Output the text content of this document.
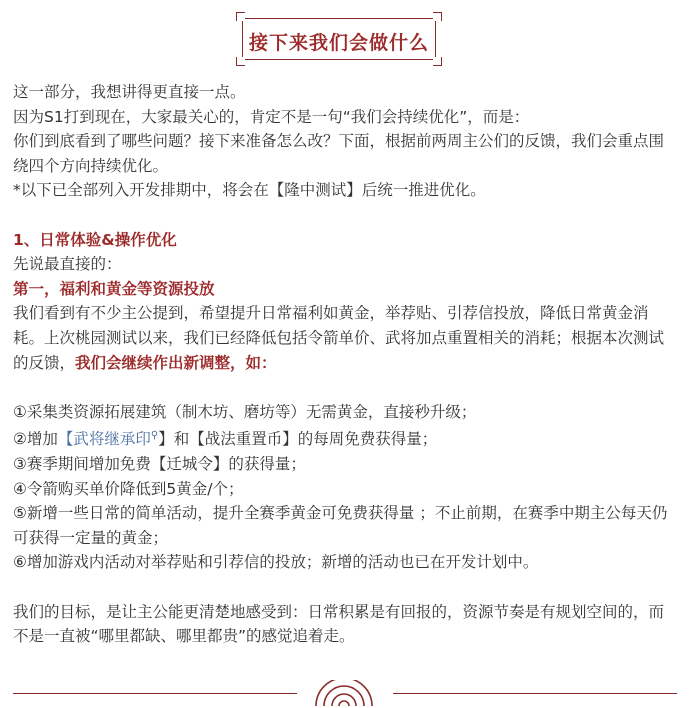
接下来我们会做什么

这一部分，我想讲得更直接一点。

因为S1打到现在，大家最关心的，肯定不是一句“我们会持续优化”，而是：

你们到底看到了哪些问题？接下来准备怎么改？下面，根据前两周主公们的反馈，我们会重点围绕四个方向持续优化。

*以下已全部列入开发排期中，将会在【隆中测试】后统一推进优化。

1、日常体验&操作优化

先说最直接的：

第一，福利和黄金等资源投放

我们看到有不少主公提到，希望提升日常福利如黄金，举荐贴、引荐信投放，降低日常黄金消耗。上次桃园测试以来，我们已经降低包括令箭单价、武将加点重置相关的消耗；根据本次测试的反馈，我们会继续作出新调整，如：

①采集类资源拓展建筑（制木坊、磨坊等）无需黄金，直接秒升级；

②增加【武将继承印⚲】和【战法重置币】的每周免费获得量；

③赛季期间增加免费【迁城令】的获得量；

④令箭购买单价降低到5黄金/个；

⑤新增一些日常的简单活动，提升全赛季黄金可免费获得量 ；不止前期，在赛季中期主公每天仍可获得一定量的黄金；

⑥增加游戏内活动对举荐贴和引荐信的投放；新增的活动也已在开发计划中。

我们的目标，是让主公能更清楚地感受到：日常积累是有回报的，资源节奏是有规划空间的，而不是一直被“哪里都缺、哪里都贵”的感觉追着走。
